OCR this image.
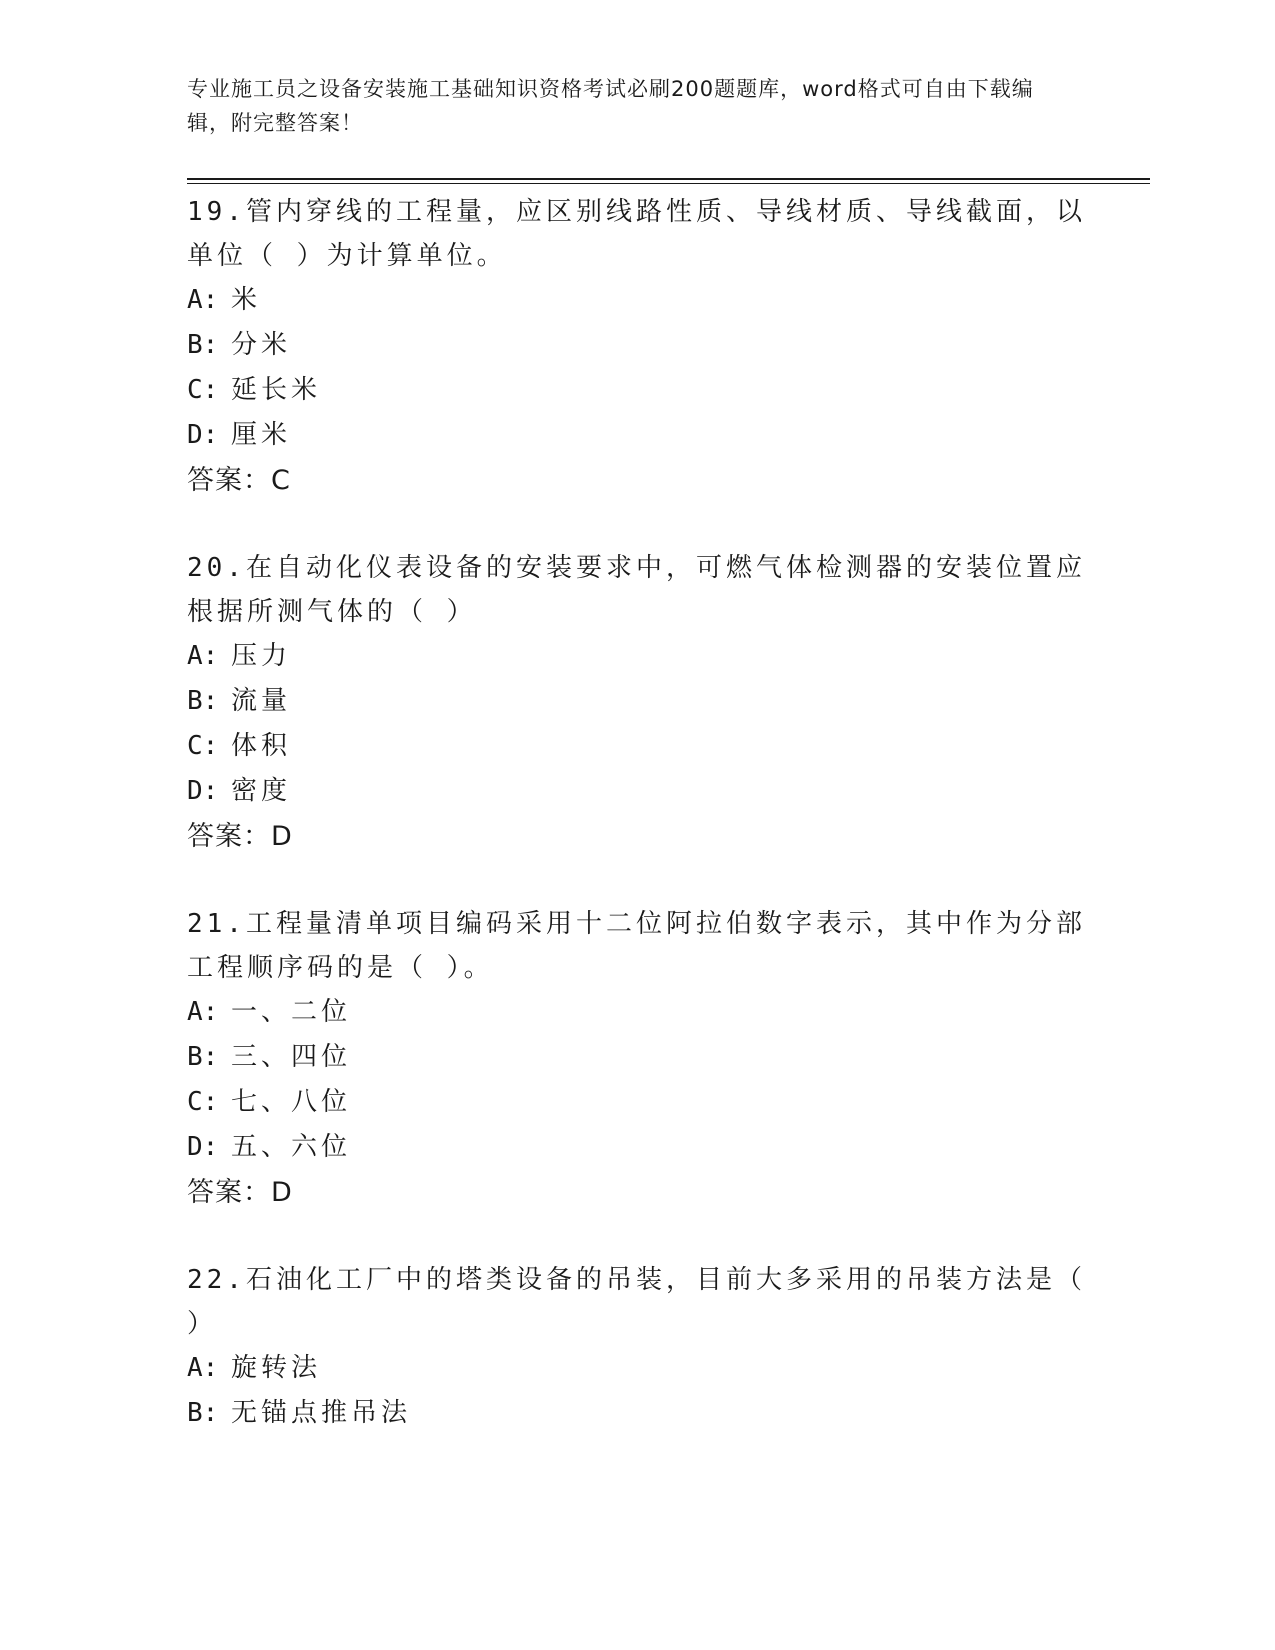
专业施工员之设备安装施工基础知识资格考试必刷200题题库，word格式可自由下载编辑，附完整答案！
19.管内穿线的工程量，应区别线路性质、导线材质、导线截面，以单位（ ）为计算单位。
A: 米
B: 分米
C: 延长米
D: 厘米
答案：C
20.在自动化仪表设备的安装要求中，可燃气体检测器的安装位置应根据所测气体的（ ）
A: 压力
B: 流量
C: 体积
D: 密度
答案：D
21.工程量清单项目编码采用十二位阿拉伯数字表示，其中作为分部工程顺序码的是（ ）。
A: 一、二位
B: 三、四位
C: 七、八位
D: 五、六位
答案：D
22.石油化工厂中的塔类设备的吊装，目前大多采用的吊装方法是（ ）
A: 旋转法
B: 无锚点推吊法
